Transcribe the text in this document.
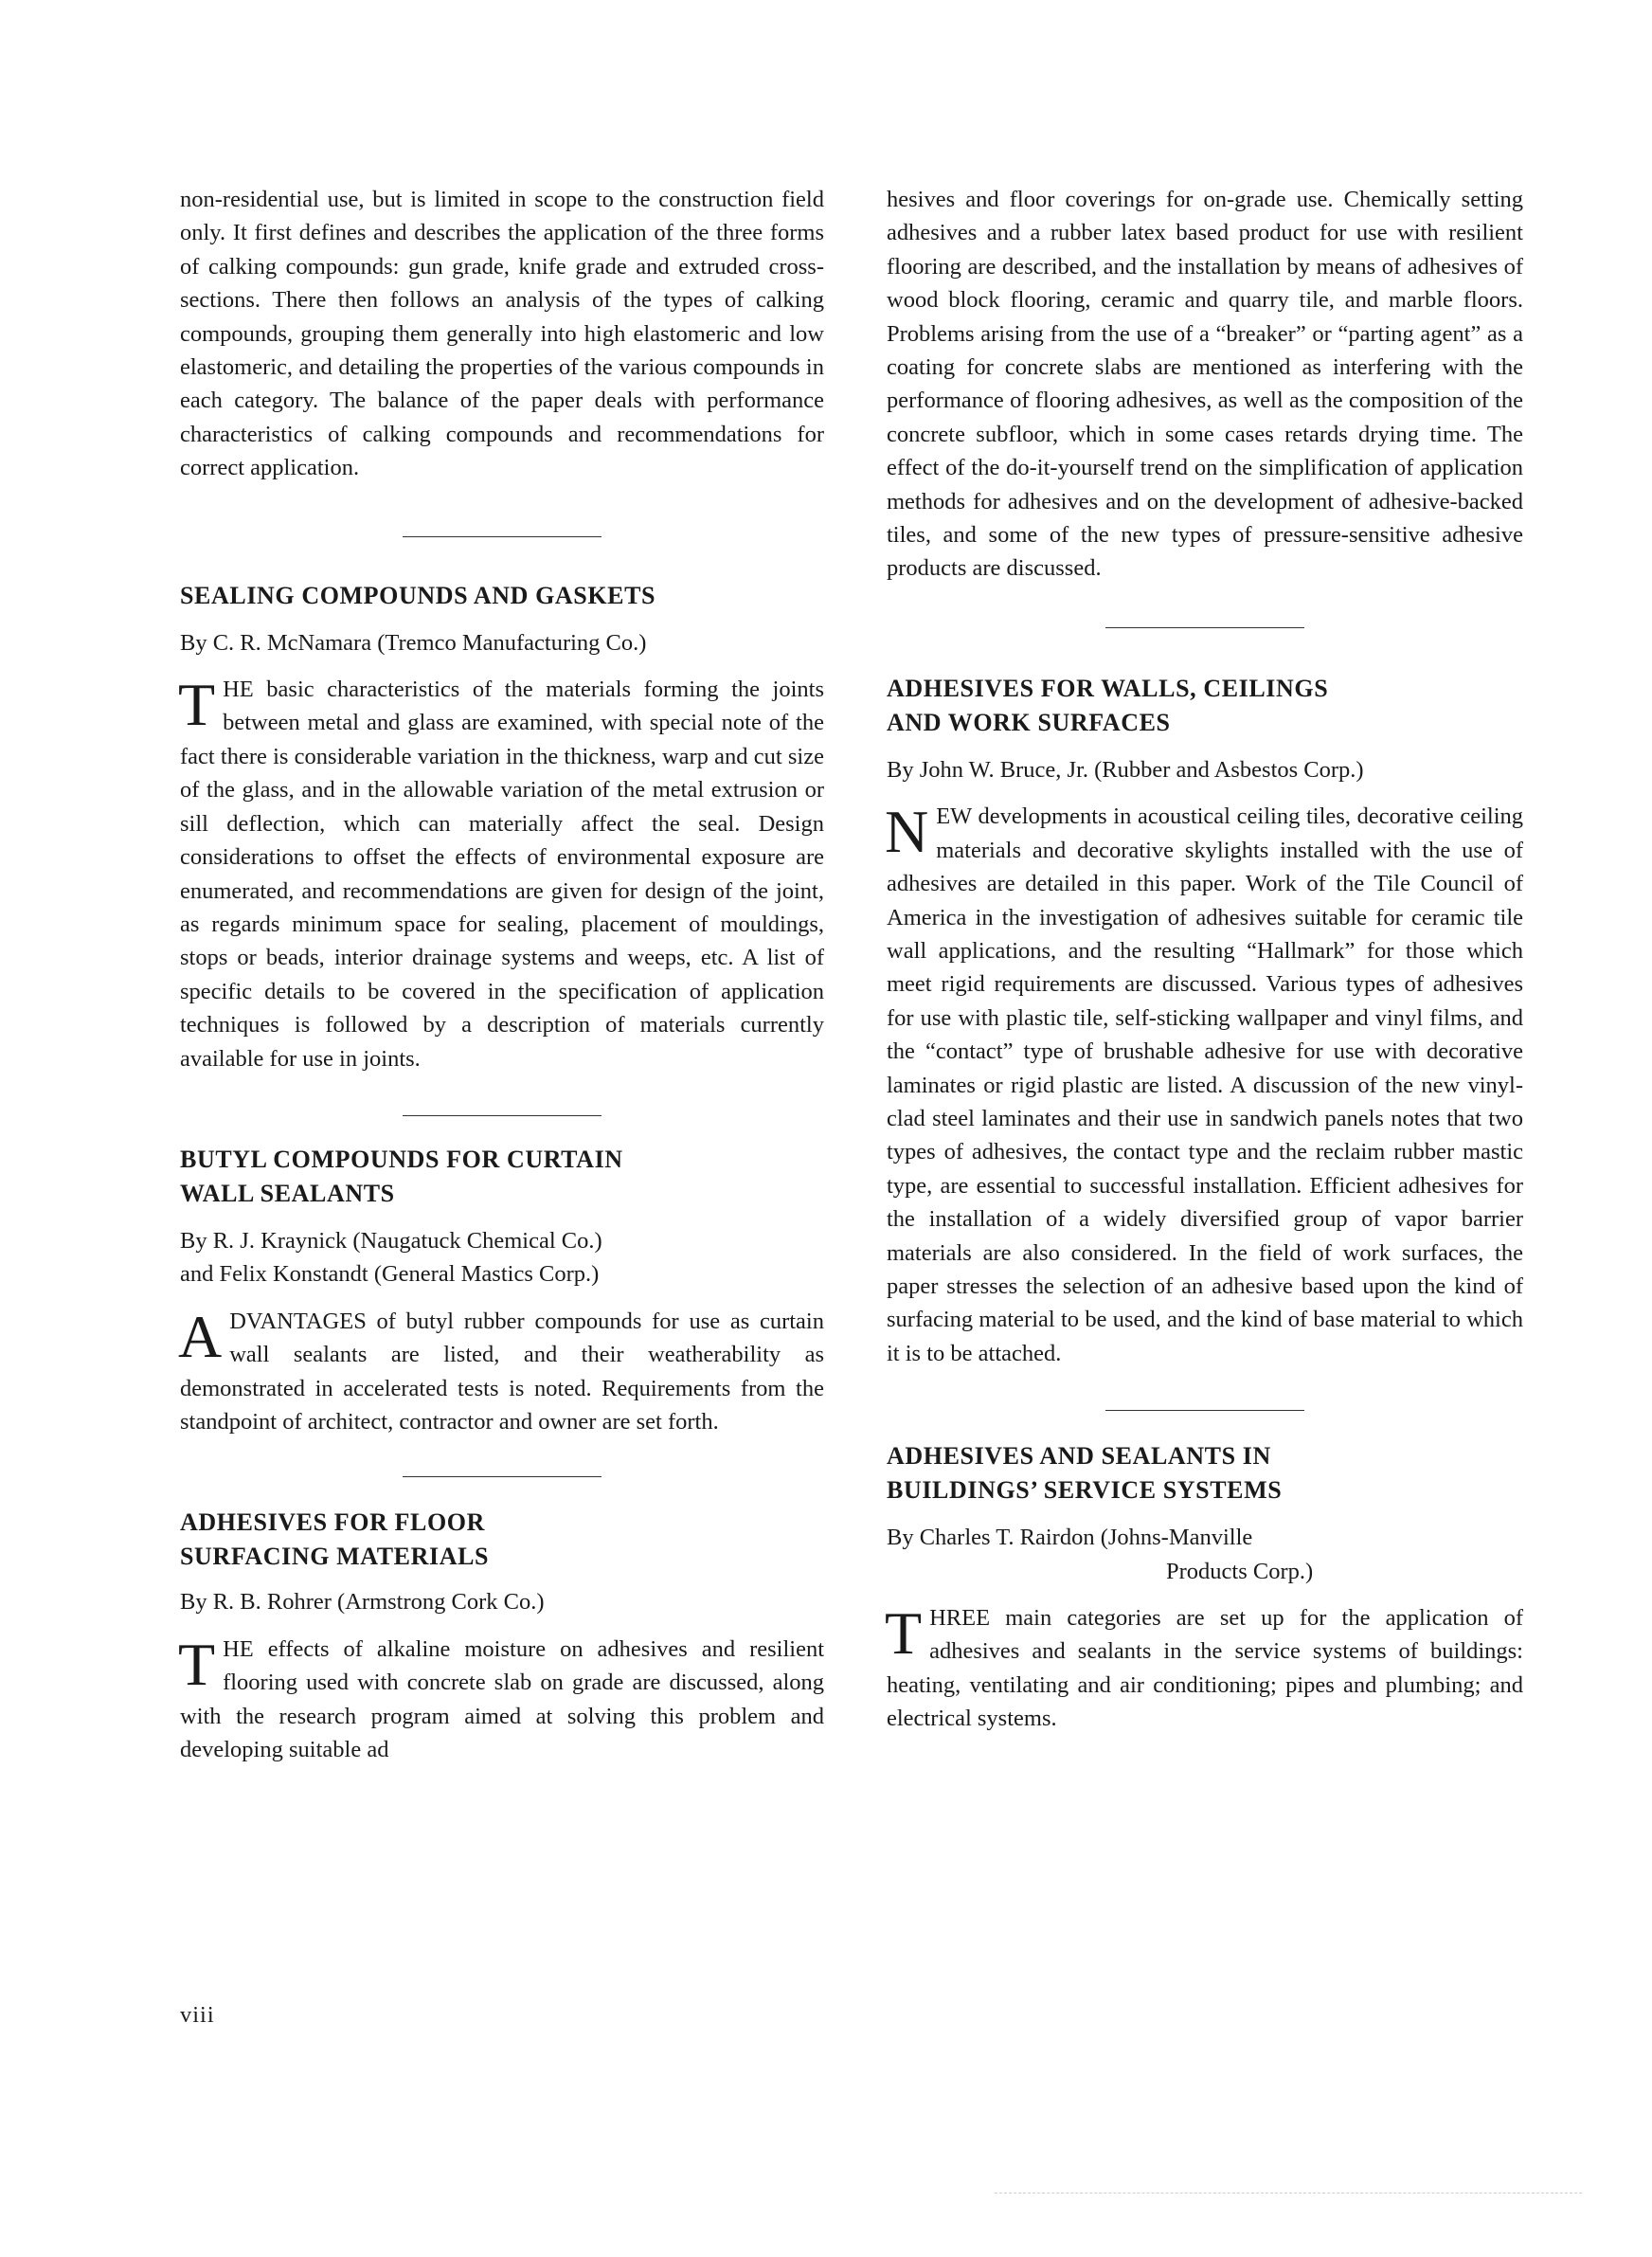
non-residential use, but is limited in scope to the construction field only. It first defines and describes the application of the three forms of calking compounds: gun grade, knife grade and extruded cross-sections. There then follows an analysis of the types of calking compounds, grouping them generally into high elastomeric and low elastomeric, and detailing the properties of the various compounds in each category. The balance of the paper deals with performance characteristics of calking compounds and recommendations for correct application.

SEALING COMPOUNDS AND GASKETS

By C. R. McNamara (Tremco Manufacturing Co.)

THE basic characteristics of the materials forming the joints between metal and glass are examined, with special note of the fact there is considerable variation in the thickness, warp and cut size of the glass, and in the allowable variation of the metal extrusion or sill deflection, which can materially affect the seal. Design considerations to offset the effects of environmental exposure are enumerated, and recommendations are given for design of the joint, as regards minimum space for sealing, placement of mouldings, stops or beads, interior drainage systems and weeps, etc. A list of specific details to be covered in the specification of application techniques is followed by a description of materials currently available for use in joints.

BUTYL COMPOUNDS FOR CURTAIN
WALL SEALANTS

By R. J. Kraynick (Naugatuck Chemical Co.)
and Felix Konstandt (General Mastics Corp.)

ADVANTAGES of butyl rubber compounds for use as curtain wall sealants are listed, and their weatherability as demonstrated in accelerated tests is noted. Requirements from the standpoint of architect, contractor and owner are set forth.

ADHESIVES FOR FLOOR
SURFACING MATERIALS

By R. B. Rohrer (Armstrong Cork Co.)

THE effects of alkaline moisture on adhesives and resilient flooring used with concrete slab on grade are discussed, along with the research program aimed at solving this problem and developing suitable ad

hesives and floor coverings for on-grade use. Chemically setting adhesives and a rubber latex based product for use with resilient flooring are described, and the installation by means of adhesives of wood block flooring, ceramic and quarry tile, and marble floors. Problems arising from the use of a “breaker” or “parting agent” as a coating for concrete slabs are mentioned as interfering with the performance of flooring adhesives, as well as the composition of the concrete subfloor, which in some cases retards drying time. The effect of the do-it-yourself trend on the simplification of application methods for adhesives and on the development of adhesive-backed tiles, and some of the new types of pressure-sensitive adhesive products are discussed.

ADHESIVES FOR WALLS, CEILINGS
AND WORK SURFACES

By John W. Bruce, Jr. (Rubber and Asbestos Corp.)

NEW developments in acoustical ceiling tiles, decorative ceiling materials and decorative skylights installed with the use of adhesives are detailed in this paper. Work of the Tile Council of America in the investigation of adhesives suitable for ceramic tile wall applications, and the resulting “Hallmark” for those which meet rigid requirements are discussed. Various types of adhesives for use with plastic tile, self-sticking wallpaper and vinyl films, and the “contact” type of brushable adhesive for use with decorative laminates or rigid plastic are listed. A discussion of the new vinyl-clad steel laminates and their use in sandwich panels notes that two types of adhesives, the contact type and the reclaim rubber mastic type, are essential to successful installation. Efficient adhesives for the installation of a widely diversified group of vapor barrier materials are also considered. In the field of work surfaces, the paper stresses the selection of an adhesive based upon the kind of surfacing material to be used, and the kind of base material to which it is to be attached.

ADHESIVES AND SEALANTS IN
BUILDINGS’ SERVICE SYSTEMS

By Charles T. Rairdon (Johns-Manville
Products Corp.)

THREE main categories are set up for the application of adhesives and sealants in the service systems of buildings: heating, ventilating and air conditioning; pipes and plumbing; and electrical systems.

viii
